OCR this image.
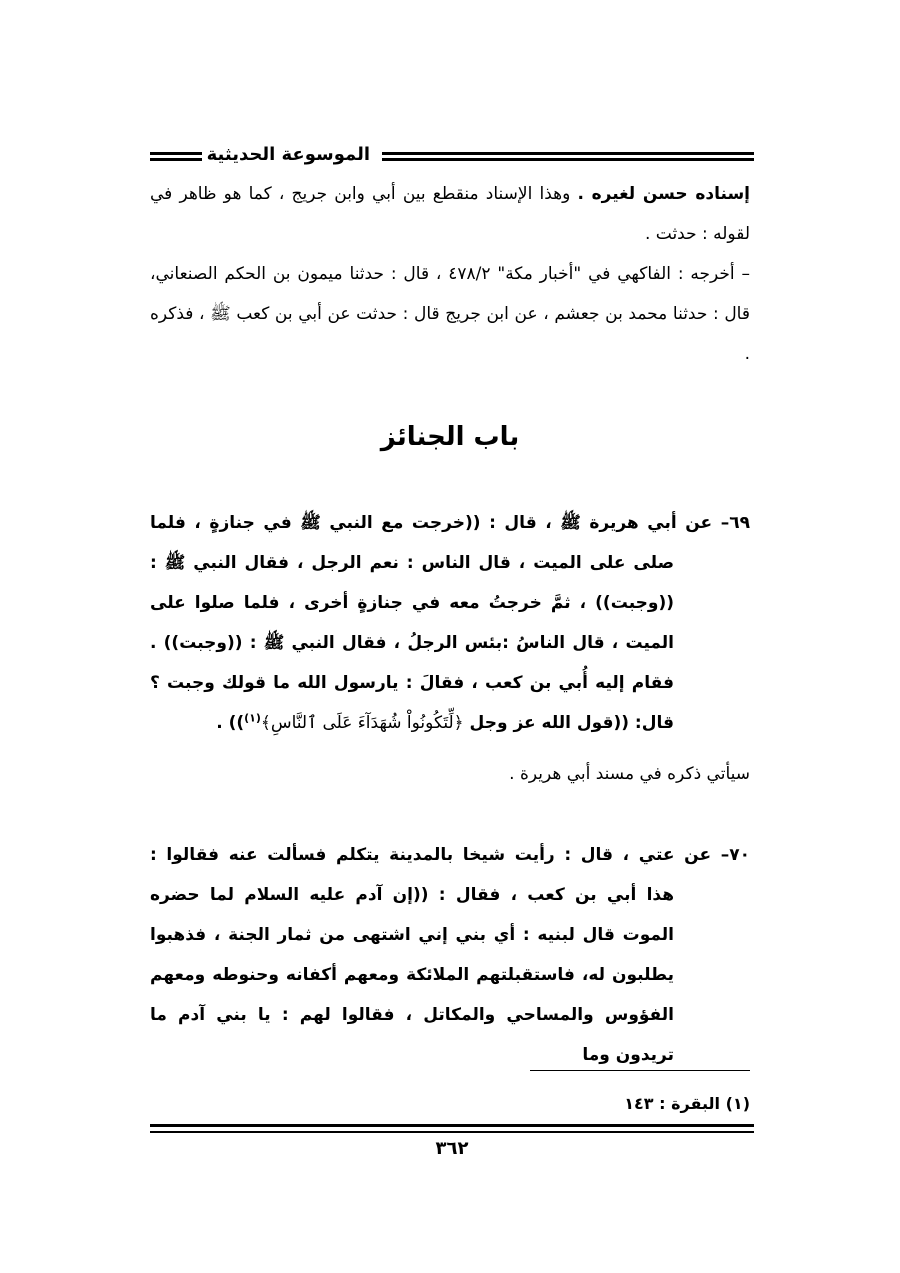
الموسوعة الحديثية

إسناده حسن لغيره . وهذا الإسناد منقطع بين أبي وابن جريج ، كما هو ظاهر في لقوله : حدثت .

– أخرجه : الفاكهي في "أخبار مكة" ٤٧٨/٢ ، قال : حدثنا ميمون بن الحكم الصنعاني، قال : حدثنا محمد بن جعشم ، عن ابن جريج قال : حدثت عن أبي بن كعب ﷺ ، فذكره .

باب الجنائز
٦٩– عن أبي هريرة ﷺ ، قال : ((خرجت مع النبي ﷺ في جنازةٍ ، فلما
صلى على الميت ، قال الناس : نعم الرجل ، فقال النبي ﷺ : ((وجبت)) ، ثمَّ خرجتُ معه في جنازةٍ أخرى ، فلما صلوا على الميت ، قال الناسُ :بئس الرجلُ ، فقال النبي ﷺ : ((وجبت)) . فقام إليه أُبي بن كعب ، فقالَ : يارسول الله ما قولك وجبت ؟ قال: ((قول الله عز وجل ﴿لِّتَكُونُواْ شُهَدَآءَ عَلَى ٱلنَّاسِ﴾$^{(١)}$)) .
سيأتي ذكره في مسند أبي هريرة .
٧٠– عن عتي ، قال : رأيت شيخا بالمدينة يتكلم فسألت عنه فقالوا :
هذا أبي بن كعب ، فقال : ((إن آدم عليه السلام لما حضره الموت قال لبنيه : أي بني إني اشتهى من ثمار الجنة ، فذهبوا يطلبون له، فاستقبلتهم الملائكة ومعهم أكفانه وحنوطه ومعهم الفؤوس والمساحي والمكاتل ، فقالوا لهم : يا بني آدم ما تريدون وما
(١) البقرة : ١٤٣
٣٦٢
